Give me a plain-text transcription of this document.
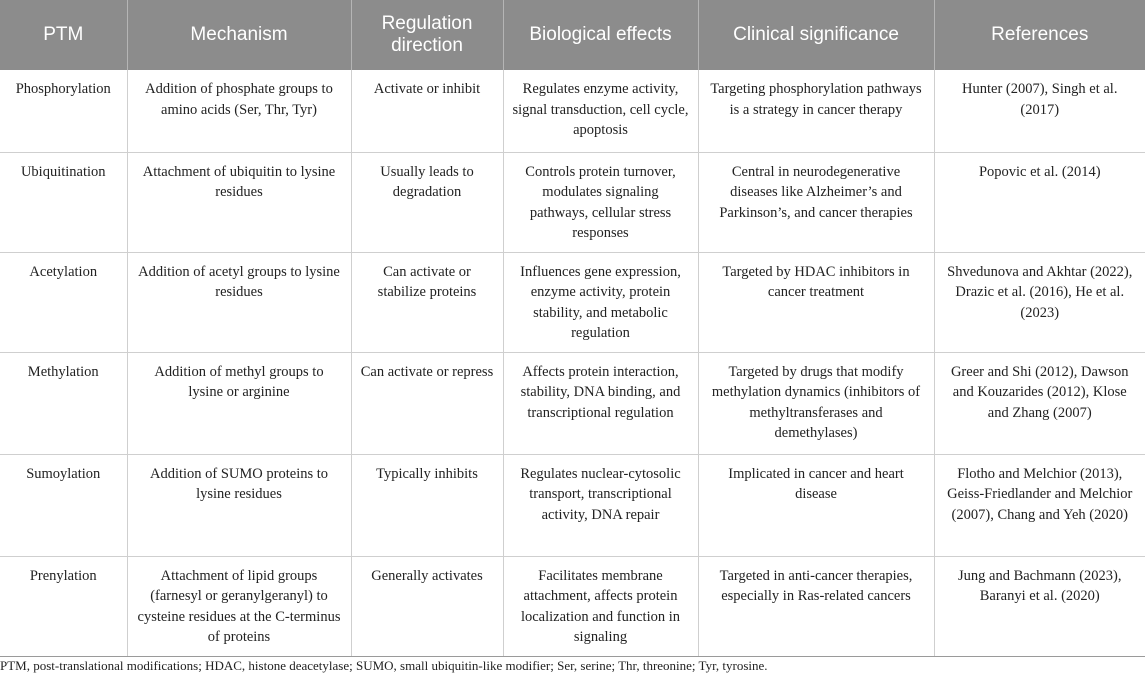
PTM	Mechanism	Regulation direction	Biological effects	Clinical significance	References
Phosphorylation	Addition of phosphate groups to amino acids (Ser, Thr, Tyr)	Activate or inhibit	Regulates enzyme activity, signal transduction, cell cycle, apoptosis	Targeting phosphorylation pathways is a strategy in cancer therapy	Hunter (2007), Singh et al. (2017)
Ubiquitination	Attachment of ubiquitin to lysine residues	Usually leads to degradation	Controls protein turnover, modulates signaling pathways, cellular stress responses	Central in neurodegenerative diseases like Alzheimer’s and Parkinson’s, and cancer therapies	Popovic et al. (2014)
Acetylation	Addition of acetyl groups to lysine residues	Can activate or stabilize proteins	Influences gene expression, enzyme activity, protein stability, and metabolic regulation	Targeted by HDAC inhibitors in cancer treatment	Shvedunova and Akhtar (2022), Drazic et al. (2016), He et al. (2023)
Methylation	Addition of methyl groups to lysine or arginine	Can activate or repress	Affects protein interaction, stability, DNA binding, and transcriptional regulation	Targeted by drugs that modify methylation dynamics (inhibitors of methyltransferases and demethylases)	Greer and Shi (2012), Dawson and Kouzarides (2012), Klose and Zhang (2007)
Sumoylation	Addition of SUMO proteins to lysine residues	Typically inhibits	Regulates nuclear-cytosolic transport, transcriptional activity, DNA repair	Implicated in cancer and heart disease	Flotho and Melchior (2013), Geiss-Friedlander and Melchior (2007), Chang and Yeh (2020)
Prenylation	Attachment of lipid groups (farnesyl or geranylgeranyl) to cysteine residues at the C-terminus of proteins	Generally activates	Facilitates membrane attachment, affects protein localization and function in signaling	Targeted in anti-cancer therapies, especially in Ras-related cancers	Jung and Bachmann (2023), Baranyi et al. (2020)
PTM, post-translational modifications; HDAC, histone deacetylase; SUMO, small ubiquitin-like modifier; Ser, serine; Thr, threonine; Tyr, tyrosine.
